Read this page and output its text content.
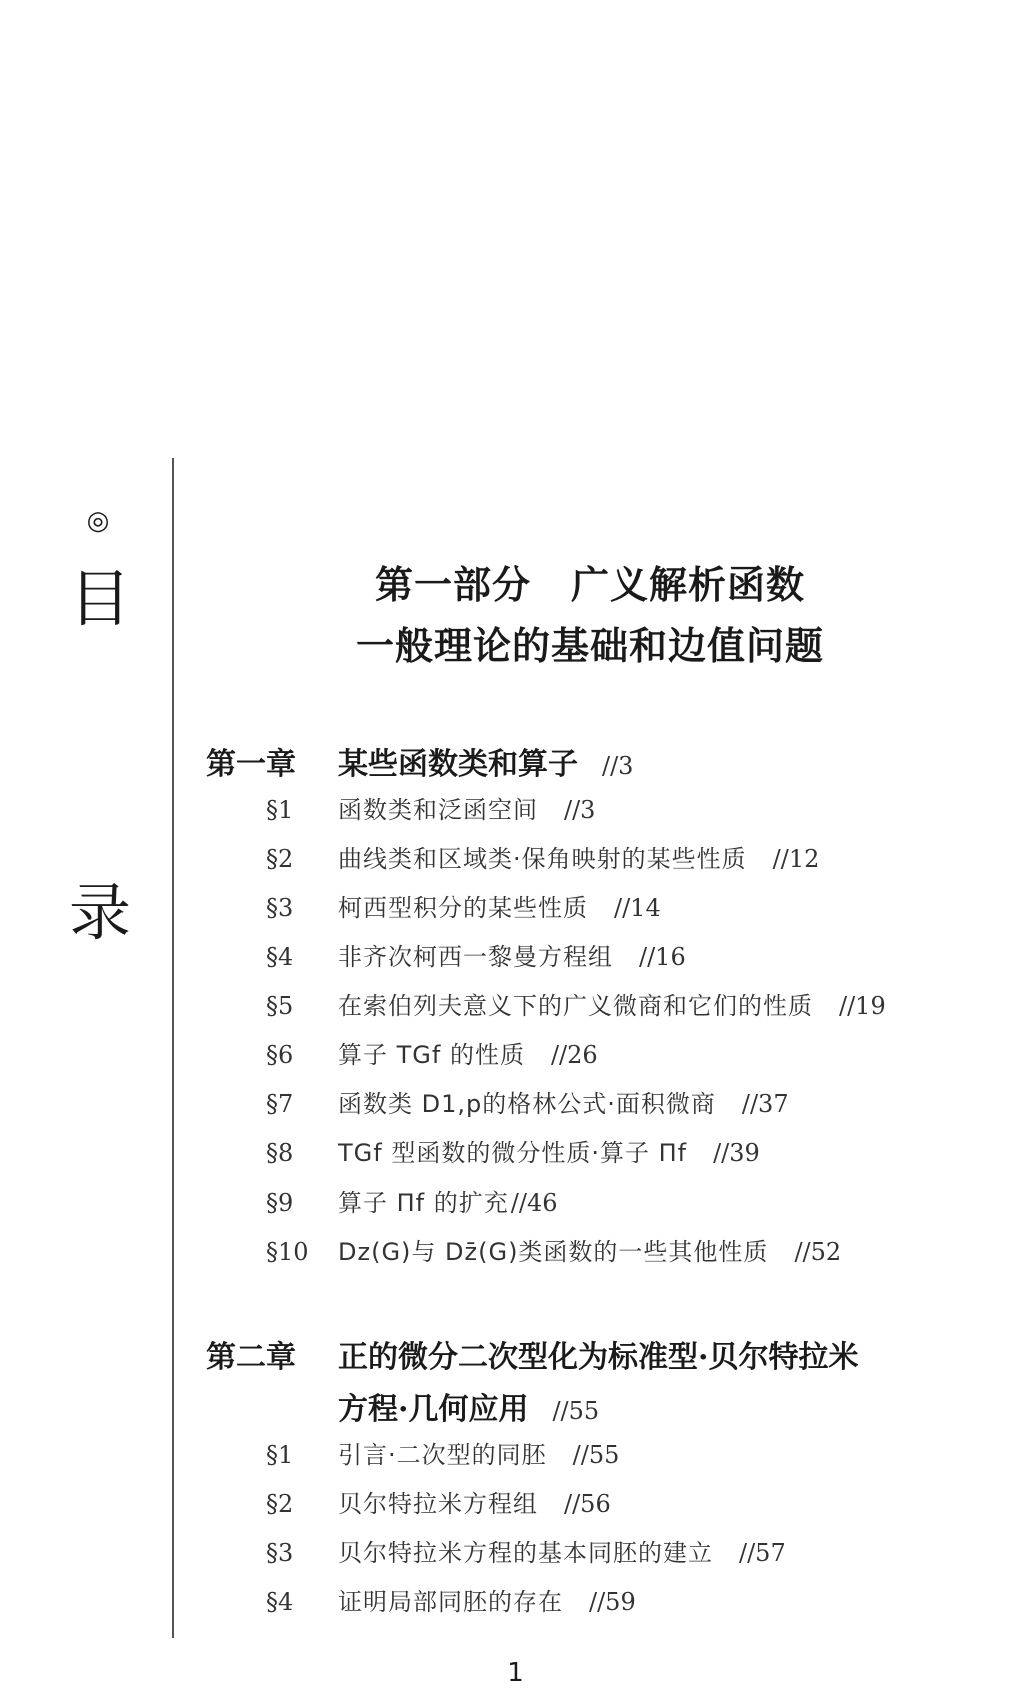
◎
目
录
第一部分 广义解析函数
一般理论的基础和边值问题
第一章 某些函数类和算子 //3
§1 函数类和泛函空间 //3
§2 曲线类和区域类·保角映射的某些性质 //12
§3 柯西型积分的某些性质 //14
§4 非齐次柯西一黎曼方程组 //16
§5 在索伯列夫意义下的广义微商和它们的性质 //19
§6 算子 TGf 的性质 //26
§7 函数类 D1,p的格林公式·面积微商 //37
§8 TGf 型函数的微分性质·算子 Πf //39
§9 算子 Πf 的扩充//46
§10 Dz(G)与 Dz̄(G)类函数的一些其他性质 //52
第二章 正的微分二次型化为标准型·贝尔特拉米
方程·几何应用 //55
§1 引言·二次型的同胚 //55
§2 贝尔特拉米方程组 //56
§3 贝尔特拉米方程的基本同胚的建立 //57
§4 证明局部同胚的存在 //59
1
